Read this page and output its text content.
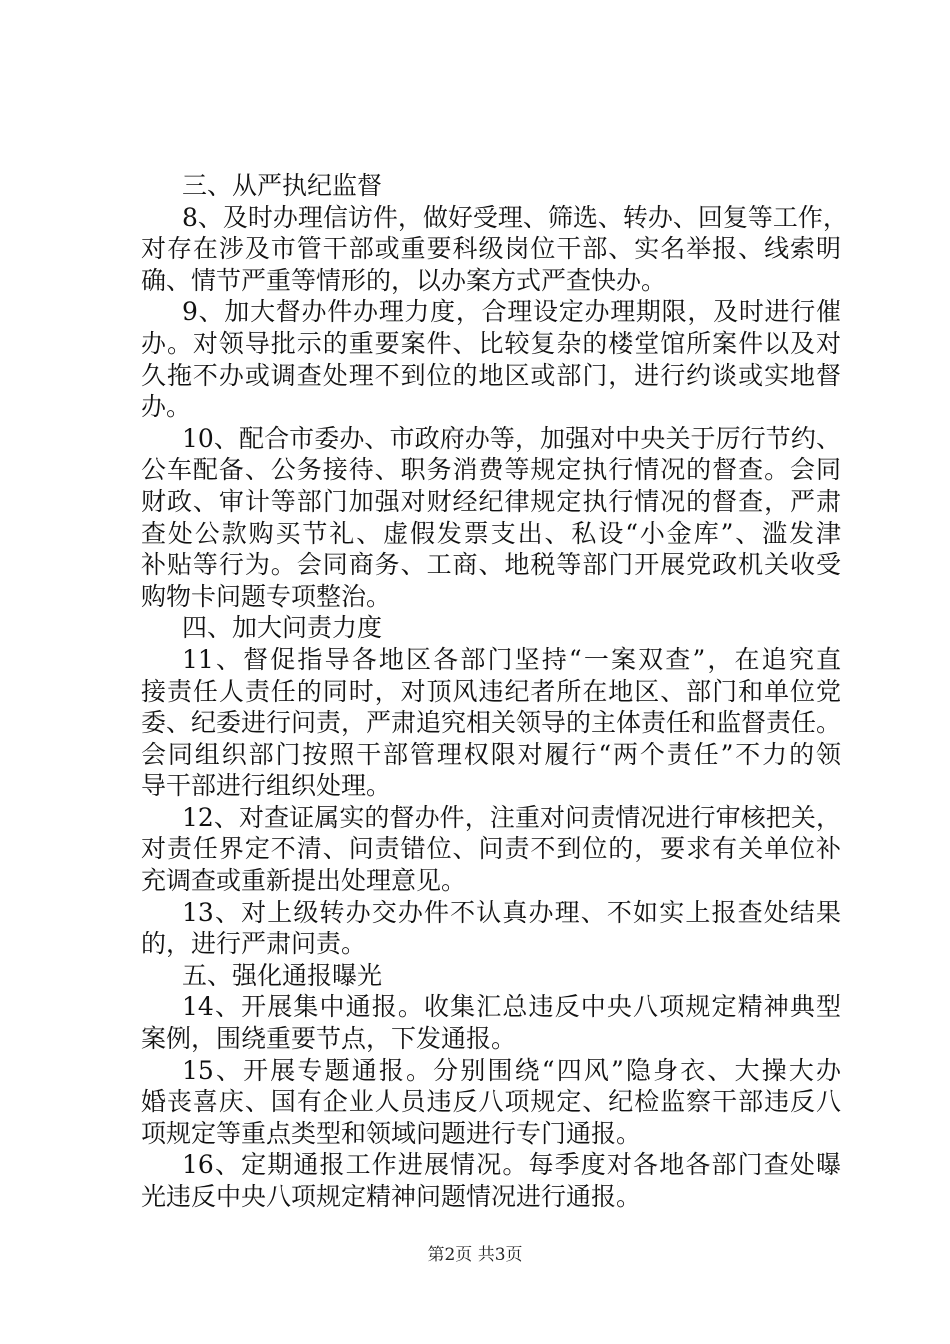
三、从严执纪监督
8、及时办理信访件，做好受理、筛选、转办、回复等工作，
对存在涉及市管干部或重要科级岗位干部、实名举报、线索明
确、情节严重等情形的，以办案方式严查快办。
9、加大督办件办理力度，合理设定办理期限，及时进行催
办。对领导批示的重要案件、比较复杂的楼堂馆所案件以及对
久拖不办或调查处理不到位的地区或部门，进行约谈或实地督
办。
10、配合市委办、市政府办等，加强对中央关于厉行节约、
公车配备、公务接待、职务消费等规定执行情况的督查。会同
财政、审计等部门加强对财经纪律规定执行情况的督查，严肃
查处公款购买节礼、虚假发票支出、私设“小金库”、滥发津
补贴等行为。会同商务、工商、地税等部门开展党政机关收受
购物卡问题专项整治。
四、加大问责力度
11、督促指导各地区各部门坚持“一案双查”，在追究直
接责任人责任的同时，对顶风违纪者所在地区、部门和单位党
委、纪委进行问责，严肃追究相关领导的主体责任和监督责任。
会同组织部门按照干部管理权限对履行“两个责任”不力的领
导干部进行组织处理。
12、对查证属实的督办件，注重对问责情况进行审核把关，
对责任界定不清、问责错位、问责不到位的，要求有关单位补
充调查或重新提出处理意见。
13、对上级转办交办件不认真办理、不如实上报查处结果
的，进行严肃问责。
五、强化通报曝光
14、开展集中通报。收集汇总违反中央八项规定精神典型
案例，围绕重要节点，下发通报。
15、开展专题通报。分别围绕“四风”隐身衣、大操大办
婚丧喜庆、国有企业人员违反八项规定、纪检监察干部违反八
项规定等重点类型和领域问题进行专门通报。
16、定期通报工作进展情况。每季度对各地各部门查处曝
光违反中央八项规定精神问题情况进行通报。
第2页 共3页
